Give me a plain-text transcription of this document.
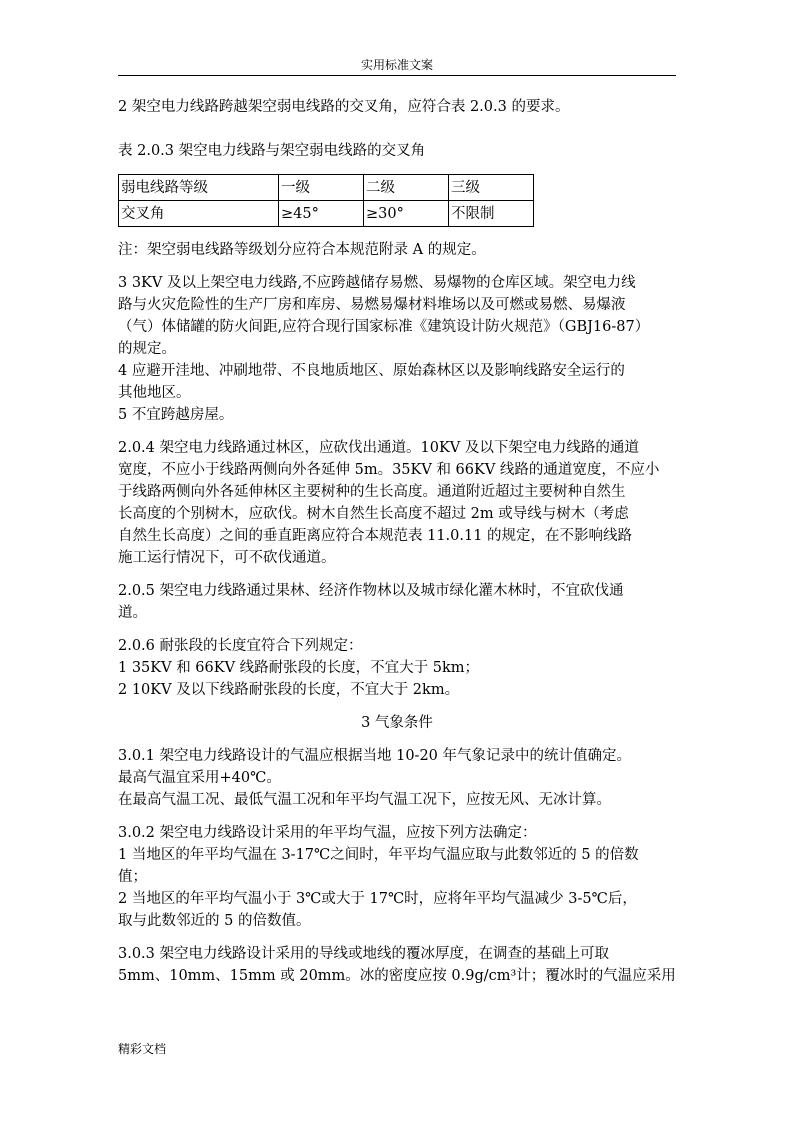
实用标准文案

2 架空电力线路跨越架空弱电线路的交叉角，应符合表 2.0.3 的要求。

表 2.0.3 架空电力线路与架空弱电线路的交叉角

弱电线路等级	一级	二级	三级
交叉角	≥45°	≥30°	不限制

注：架空弱电线路等级划分应符合本规范附录 A 的规定。

3 3KV 及以上架空电力线路,不应跨越储存易燃、易爆物的仓库区域。架空电力线

路与火灾危险性的生产厂房和库房、易燃易爆材料堆场以及可燃或易燃、易爆液

（气）体储罐的防火间距,应符合现行国家标准《建筑设计防火规范》（GBJ16-87）

的规定。

4 应避开洼地、冲刷地带、不良地质地区、原始森林区以及影响线路安全运行的

其他地区。

5 不宜跨越房屋。

2.0.4 架空电力线路通过林区，应砍伐出通道。10KV 及以下架空电力线路的通道

宽度，不应小于线路两侧向外各延伸 5m。35KV 和 66KV 线路的通道宽度，不应小

于线路两侧向外各延伸林区主要树种的生长高度。通道附近超过主要树种自然生

长高度的个别树木，应砍伐。树木自然生长高度不超过 2m 或导线与树木（考虑

自然生长高度）之间的垂直距离应符合本规范表 11.0.11 的规定，在不影响线路

施工运行情况下，可不砍伐通道。

2.0.5 架空电力线路通过果林、经济作物林以及城市绿化灌木林时，不宜砍伐通

道。

2.0.6 耐张段的长度宜符合下列规定：

1 35KV 和 66KV 线路耐张段的长度，不宜大于 5km；

2 10KV 及以下线路耐张段的长度，不宜大于 2km。

3 气象条件

3.0.1 架空电力线路设计的气温应根据当地 10-20 年气象记录中的统计值确定。

最高气温宜采用+40℃。

在最高气温工况、最低气温工况和年平均气温工况下，应按无风、无冰计算。

3.0.2 架空电力线路设计采用的年平均气温，应按下列方法确定：

1 当地区的年平均气温在 3-17℃之间时，年平均气温应取与此数邻近的 5 的倍数

值；

2 当地区的年平均气温小于 3℃或大于 17℃时，应将年平均气温减少 3-5℃后，

取与此数邻近的 5 的倍数值。

3.0.3 架空电力线路设计采用的导线或地线的覆冰厚度，在调查的基础上可取

5mm、10mm、15mm 或 20mm。冰的密度应按 0.9g/cm³计；覆冰时的气温应采用

精彩文档
